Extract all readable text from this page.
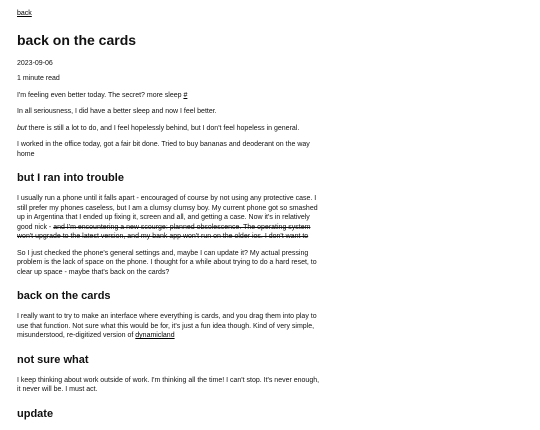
back
back on the cards

2023-09-06

1 minute read

I'm feeling even better today. The secret? more sleep #

In all seriousness, I did have a better sleep and now I feel better.

but there is still a lot to do, and I feel hopelessly behind, but I don't feel hopeless in general.

I worked in the office today, got a fair bit done. Tried to buy bananas and deoderant on the way home

but I ran into trouble

I usually run a phone until it falls apart - encouraged of course by not using any protective case. I still prefer my phones caseless, but I am a clumsy clumsy boy. My current phone got so smashed up in Argentina that I ended up fixing it, screen and all, and getting a case. Now it's in relatively good nick - and I'm encountering a new scourge: planned obsolescence. The operating system won't upgrade to the latest version, and my bank app won't run on the older ios. I don't want to

So I just checked the phone's general settings and, maybe I can update it? My actual pressing problem is the lack of space on the phone. I thought for a while about trying to do a hard reset, to clear up space - maybe that's back on the cards?

back on the cards

I really want to try to make an interface where everything is cards, and you drag them into play to use that function. Not sure what this would be for, it's just a fun idea though. Kind of very simple, misunderstood, re-digitized version of dynamicland

not sure what

I keep thinking about work outside of work. I'm thinking all the time! I can't stop. It's never enough, it never will be. I must act.

update
